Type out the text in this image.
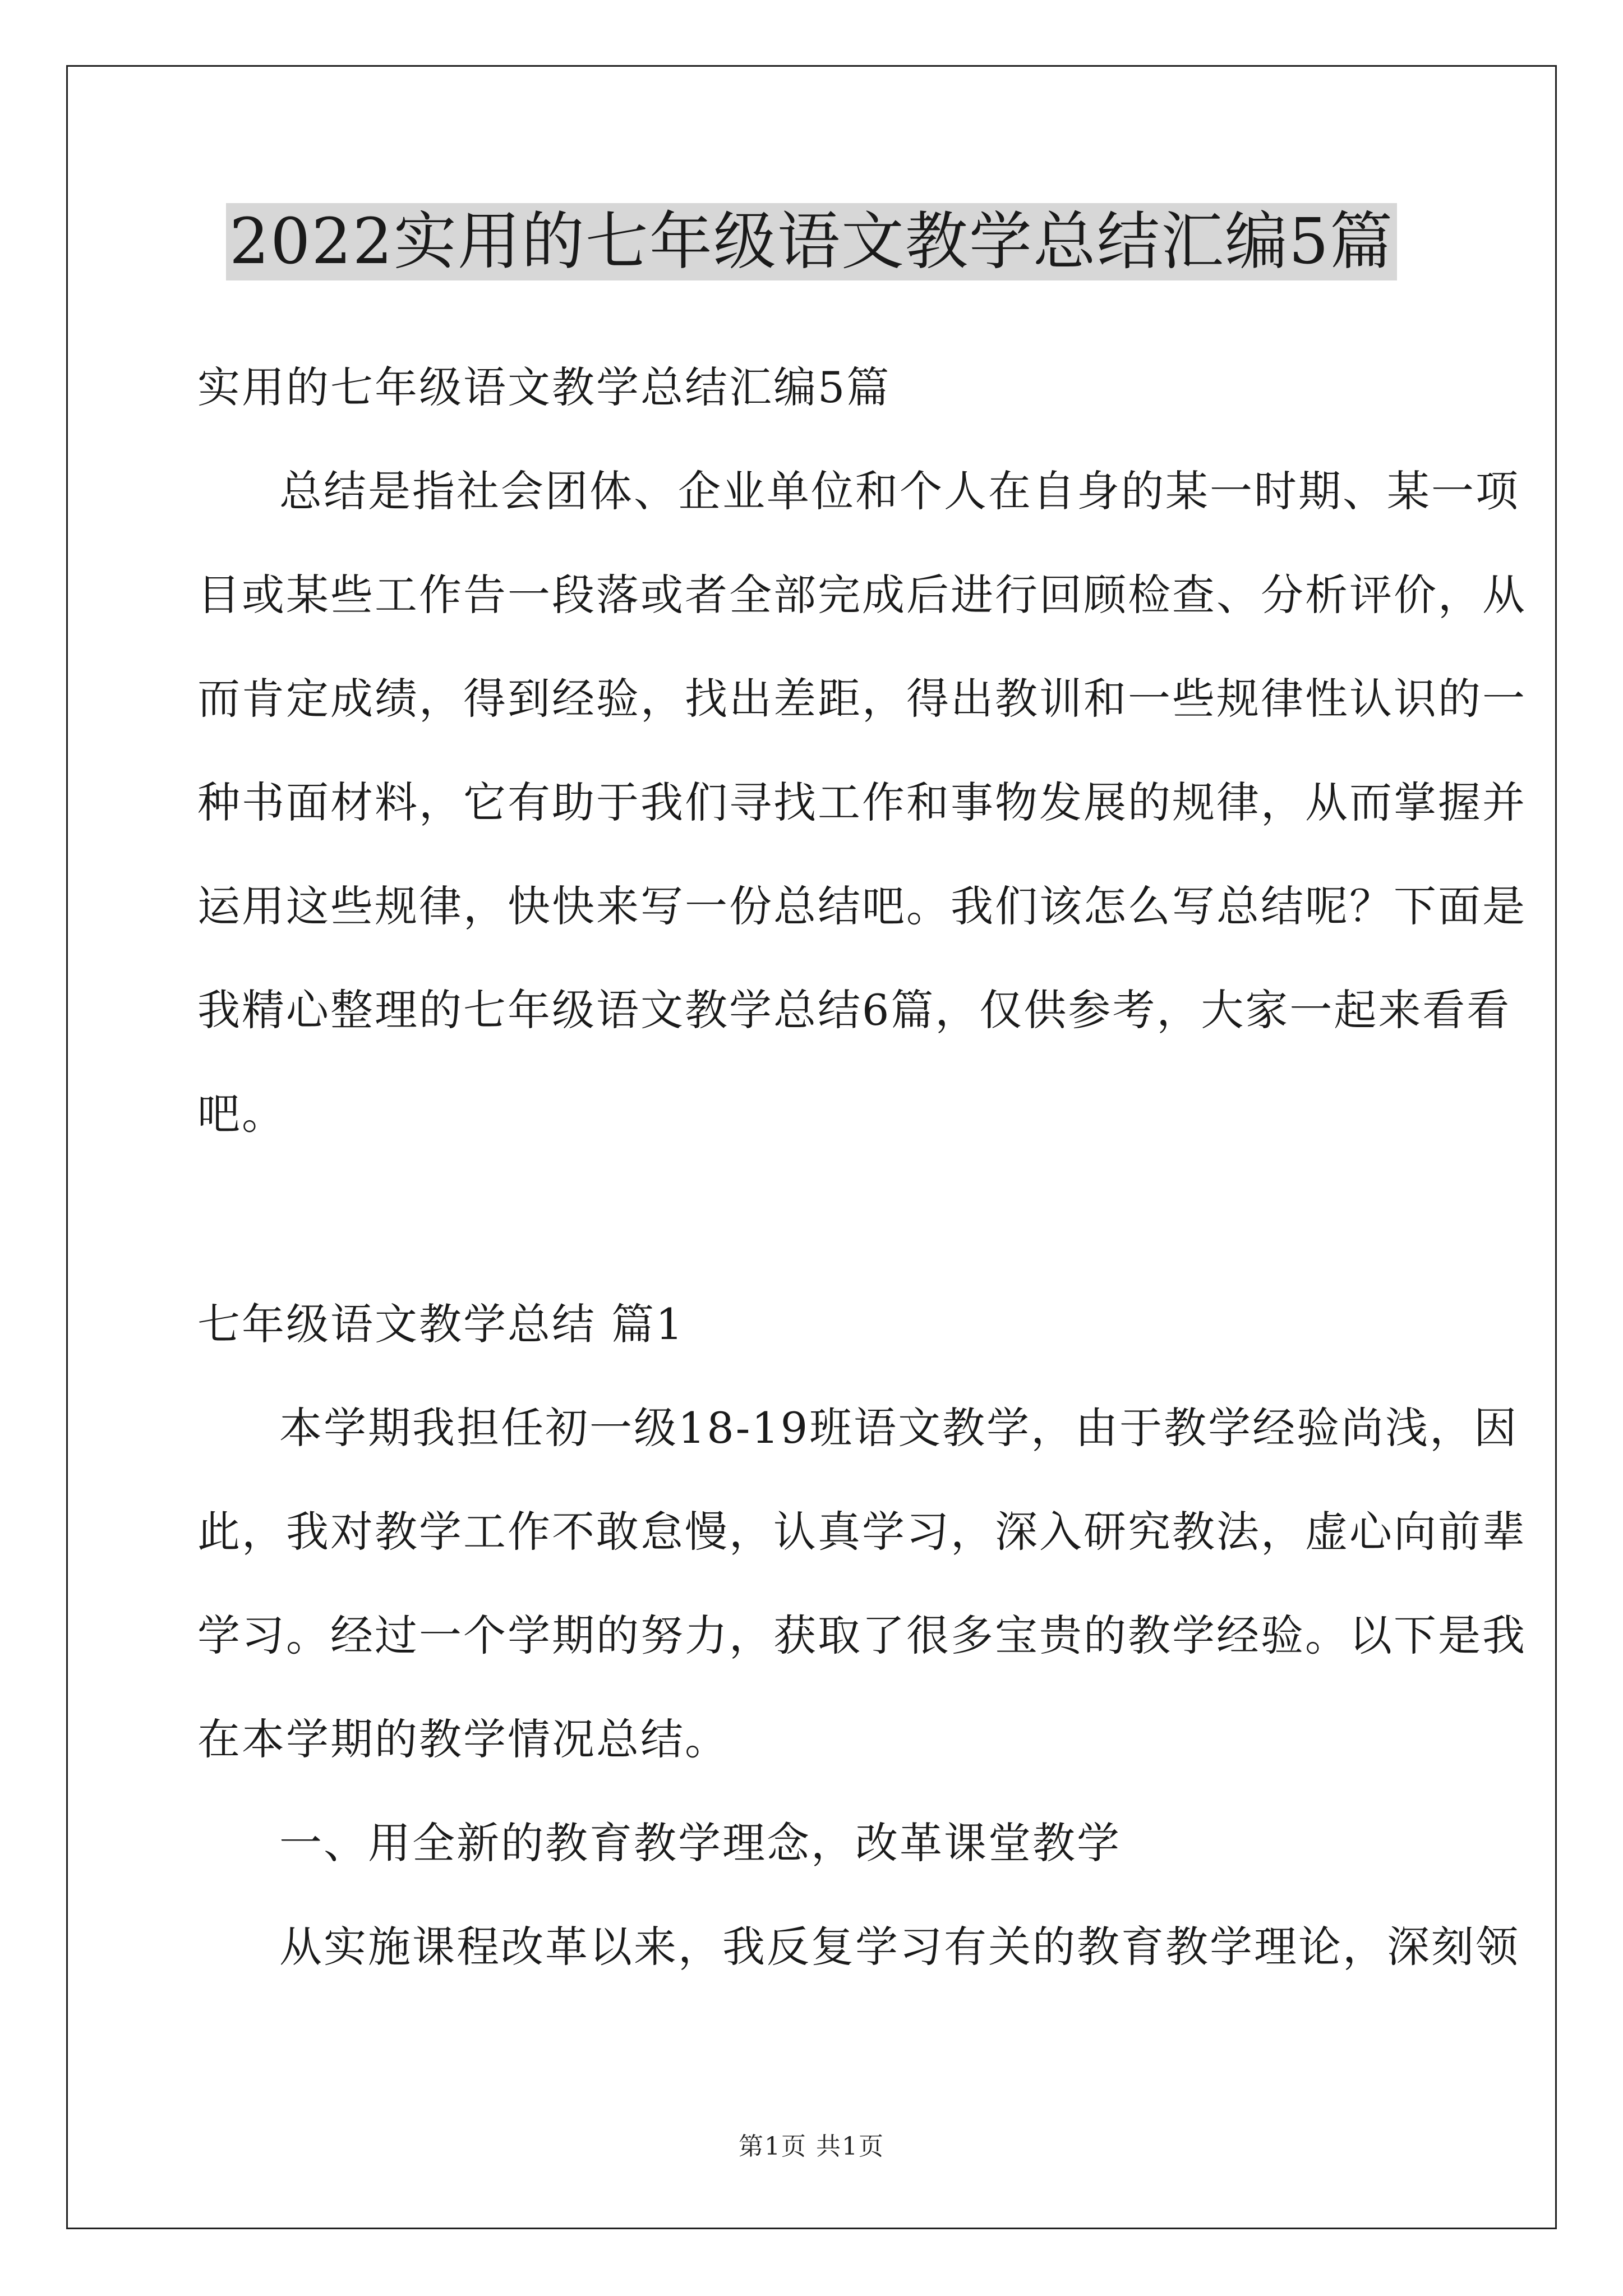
2022实用的七年级语文教学总结汇编5篇
实用的七年级语文教学总结汇编5篇
总结是指社会团体、企业单位和个人在自身的某一时期、某一项
目或某些工作告一段落或者全部完成后进行回顾检查、分析评价，从
而肯定成绩，得到经验，找出差距，得出教训和一些规律性认识的一
种书面材料，它有助于我们寻找工作和事物发展的规律，从而掌握并
运用这些规律，快快来写一份总结吧。我们该怎么写总结呢？下面是
我精心整理的七年级语文教学总结6篇，仅供参考，大家一起来看看
吧。
七年级语文教学总结 篇1
本学期我担任初一级18-19班语文教学，由于教学经验尚浅，因
此，我对教学工作不敢怠慢，认真学习，深入研究教法，虚心向前辈
学习。经过一个学期的努力，获取了很多宝贵的教学经验。以下是我
在本学期的教学情况总结。
一、用全新的教育教学理念，改革课堂教学
从实施课程改革以来，我反复学习有关的教育教学理论，深刻领
第1页 共1页
